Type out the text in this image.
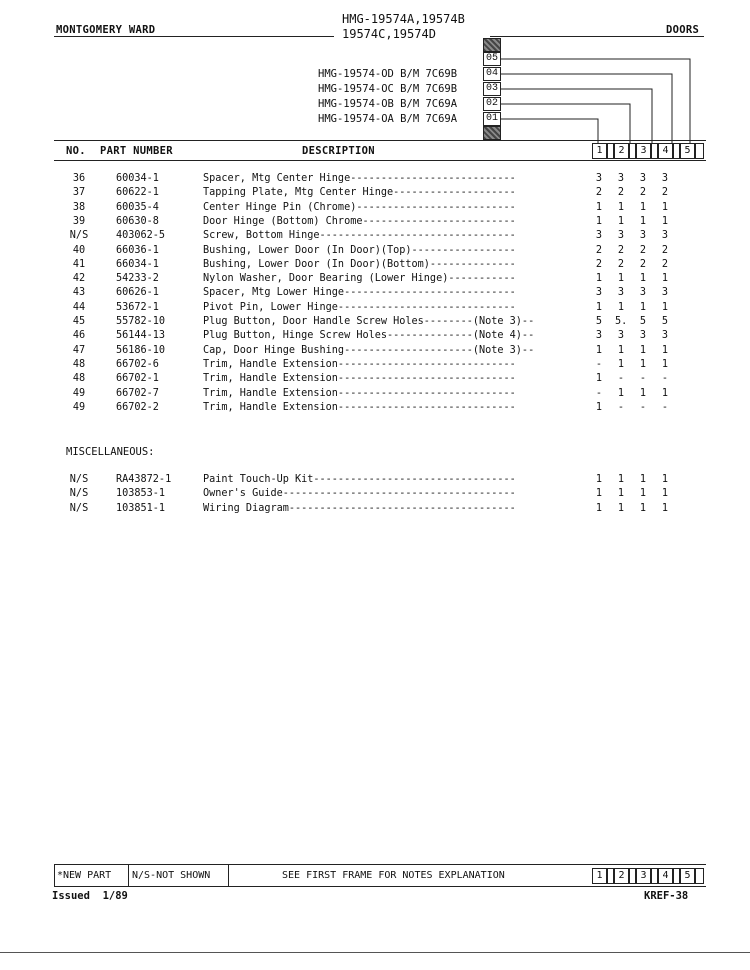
MONTGOMERY WARD
HMG-19574A,19574B
19574C,19574D	DOORS
05
04
03
02
01
HMG-19574-OD B/M 7C69B
HMG-19574-OC B/M 7C69B
HMG-19574-OB B/M 7C69A
HMG-19574-OA B/M 7C69A
NO. PART NUMBER	DESCRIPTION	1	2	3	4	5
36	60034-1	Spacer, Mtg Center Hinge---------------------------	3 3 3 3
37	60622-1	Tapping Plate, Mtg Center Hinge--------------------	2 2 2 2
38	60035-4	Center Hinge Pin (Chrome)--------------------------	1 1 1 1
39	60630-8	Door Hinge (Bottom) Chrome-------------------------	1 1 1 1
N/S	403062-5	Screw, Bottom Hinge--------------------------------	3 3 3 3
40	66036-1	Bushing, Lower Door (In Door)(Top)-----------------	2 2 2 2
41	66034-1	Bushing, Lower Door (In Door)(Bottom)--------------	2 2 2 2
42	54233-2	Nylon Washer, Door Bearing (Lower Hinge)-----------	1 1 1 1
43	60626-1	Spacer, Mtg Lower Hinge----------------------------	3 3 3 3
44	53672-1	Pivot Pin, Lower Hinge-----------------------------	1 1 1 1
45	55782-10	Plug Button, Door Handle Screw Holes--------(Note 3)--	5 5. 5 5
46	56144-13	Plug Button, Hinge Screw Holes--------------(Note 4)--	3 3 3 3
47	56186-10	Cap, Door Hinge Bushing---------------------(Note 3)--	1 1 1 1
48	66702-6	Trim, Handle Extension-----------------------------	- 1 1 1
48	66702-1	Trim, Handle Extension-----------------------------	1 - - -
49	66702-7	Trim, Handle Extension-----------------------------	- 1 1 1
49	66702-2	Trim, Handle Extension-----------------------------	1 - - -
MISCELLANEOUS:
N/S	RA43872-1	Paint Touch-Up Kit---------------------------------	1 1 1 1
N/S	103853-1	Owner's Guide--------------------------------------	1 1 1 1
N/S	103851-1	Wiring Diagram-------------------------------------	1 1 1 1
*NEW PART N/S-NOT SHOWN	SEE FIRST FRAME FOR NOTES EXPLANATION	1	2	3	4	5
Issued  1/89	KREF-38
